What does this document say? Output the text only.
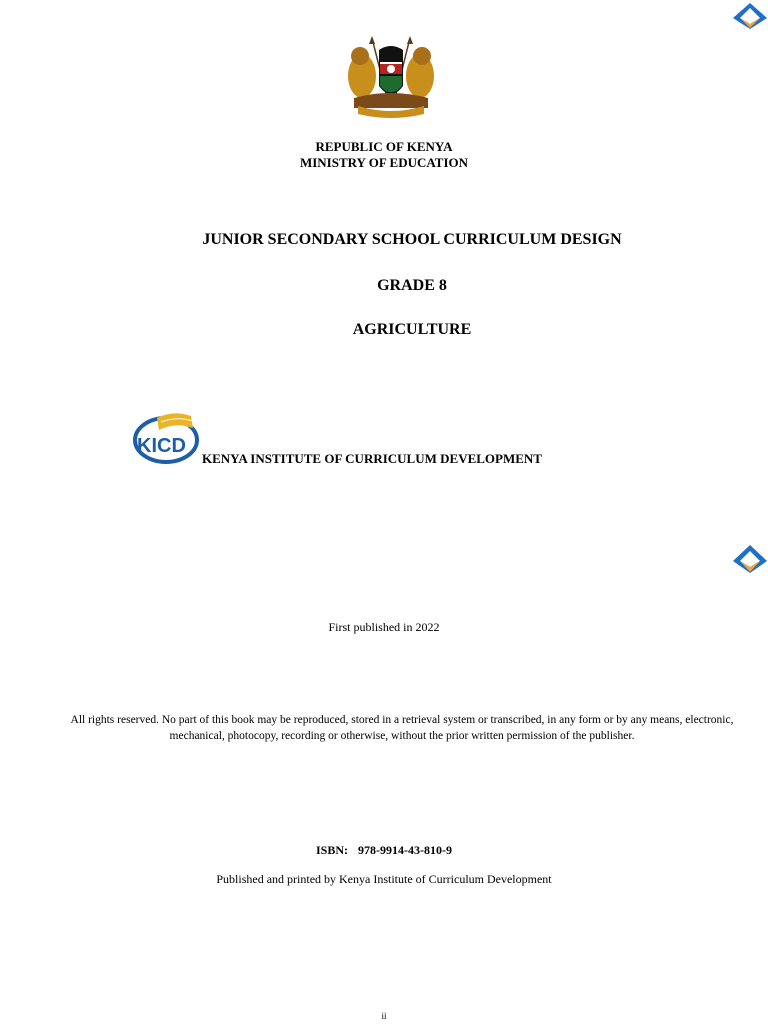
REPUBLIC OF KENYA
MINISTRY OF EDUCATION
JUNIOR SECONDARY SCHOOL CURRICULUM DESIGN
GRADE 8
AGRICULTURE
KICD
KENYA INSTITUTE OF CURRICULUM DEVELOPMENT
First published in 2022
All rights reserved. No part of this book may be reproduced, stored in a retrieval system or transcribed, in any form or by any means, electronic, mechanical, photocopy, recording or otherwise, without the prior written permission of the publisher.
ISBN: 978-9914-43-810-9
Published and printed by Kenya Institute of Curriculum Development
ii
